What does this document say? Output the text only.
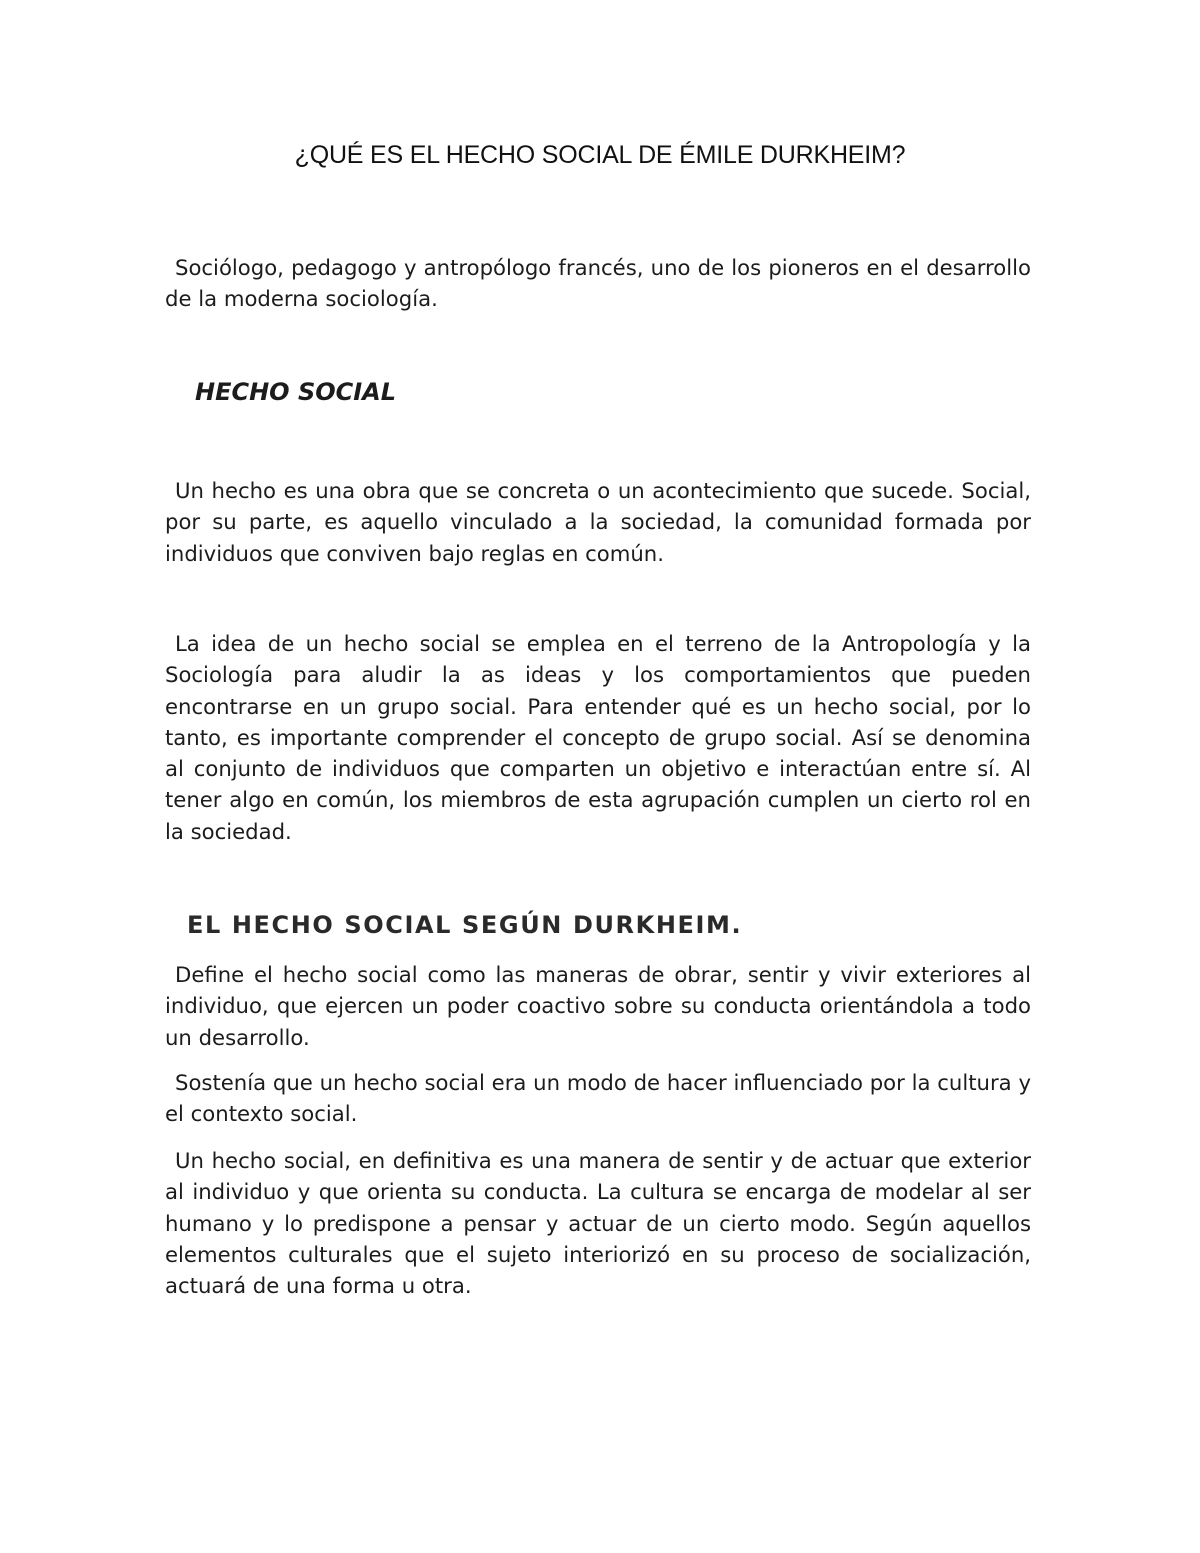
¿QUÉ ES EL HECHO SOCIAL DE ÉMILE DURKHEIM?

Sociólogo, pedagogo y antropólogo francés, uno de los pioneros en el desarrollo de la moderna sociología.

HECHO SOCIAL

Un hecho es una obra que se concreta o un acontecimiento que sucede. Social, por su parte, es aquello vinculado a la sociedad, la comunidad formada por individuos que conviven bajo reglas en común.

La idea de un hecho social se emplea en el terreno de la Antropología y la Sociología para aludir la as ideas y los comportamientos que pueden encontrarse en un grupo social. Para entender qué es un hecho social, por lo tanto, es importante comprender el concepto de grupo social. Así se denomina al conjunto de individuos que comparten un objetivo e interactúan entre sí. Al tener algo en común, los miembros de esta agrupación cumplen un cierto rol en la sociedad.

EL HECHO SOCIAL SEGÚN DURKHEIM.

Define el hecho social como las maneras de obrar, sentir y vivir exteriores al individuo, que ejercen un poder coactivo sobre su conducta orientándola a todo un desarrollo.

Sostenía que un hecho social era un modo de hacer influenciado por la cultura y el contexto social.

Un hecho social, en definitiva es una manera de sentir y de actuar que exterior al individuo y que orienta su conducta. La cultura se encarga de modelar al ser humano y lo predispone a pensar y actuar de un cierto modo. Según aquellos elementos culturales que el sujeto interiorizó en su proceso de socialización, actuará de una forma u otra.
